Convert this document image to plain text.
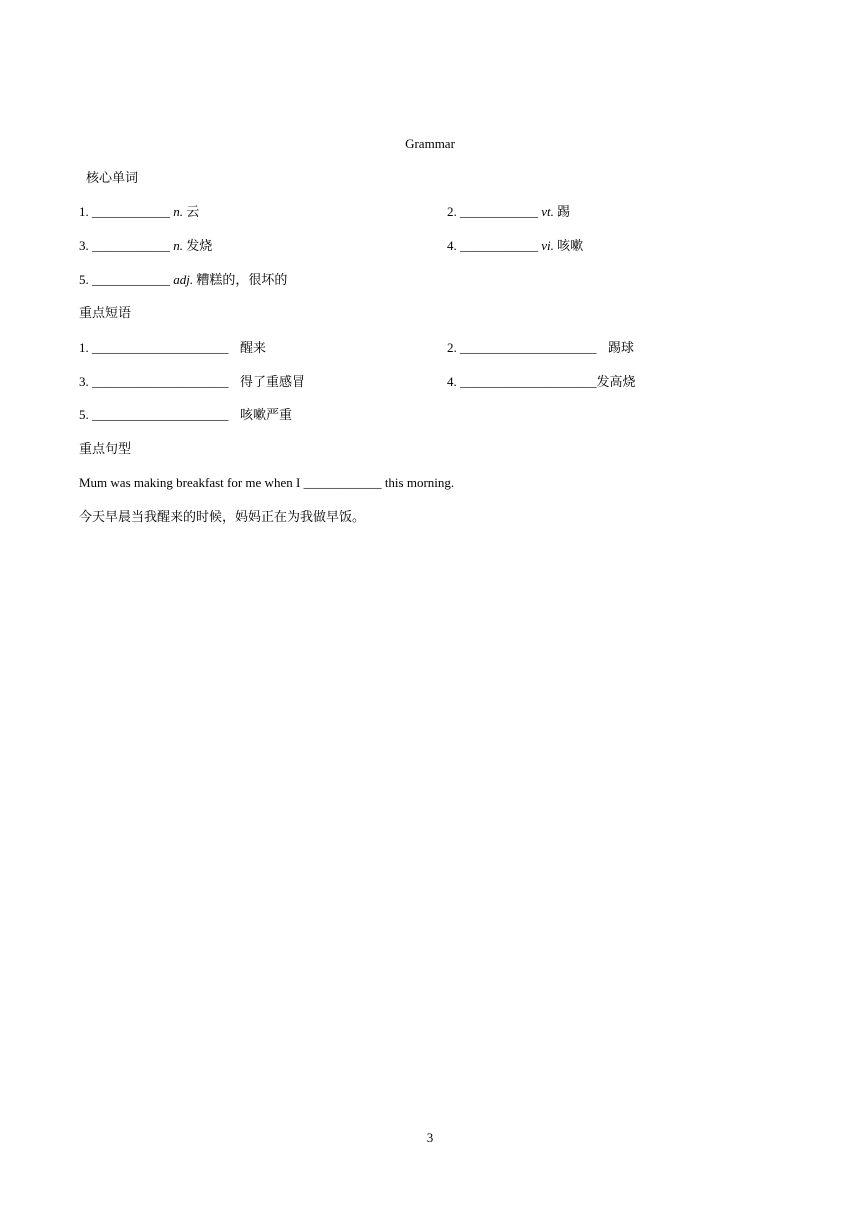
Grammar
核心单词
1. ____________ n. 云	2. ____________ vt. 踢
3. ____________ n. 发烧	4. ____________ vi. 咳嗽
5. ____________ adj. 糟糕的，很坏的
重点短语
1. _____________________ 醒来	2. _____________________ 踢球
3. _____________________ 得了重感冒	4. _____________________发高烧
5. _____________________ 咳嗽严重
重点句型
Mum was making breakfast for me when I ____________ this morning.
今天早晨当我醒来的时候，妈妈正在为我做早饭。
3
